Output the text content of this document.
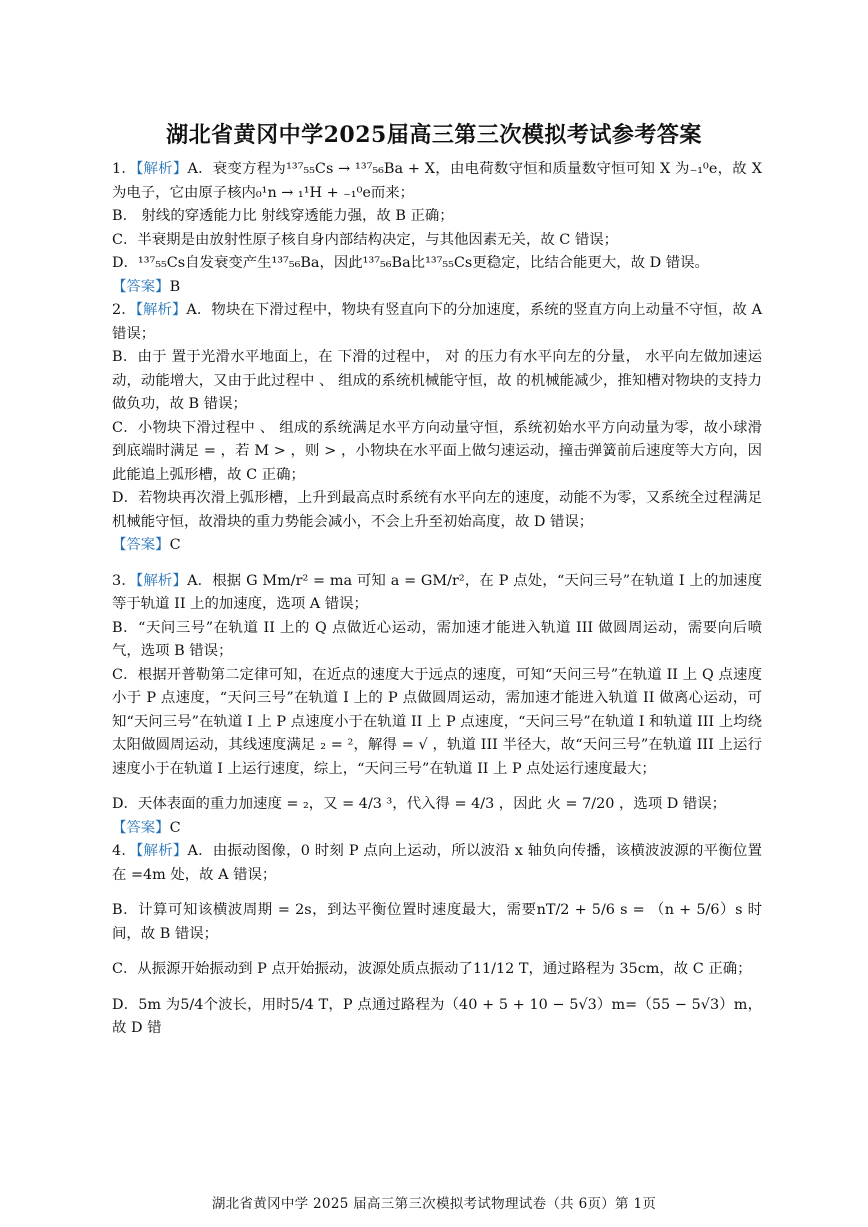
湖北省黄冈中学2025届高三第三次模拟考试参考答案

1．【解析】A．衰变方程为¹³⁷₅₅Cs → ¹³⁷₅₆Ba + X，由电荷数守恒和质量数守恒可知 X 为₋₁⁰e，故 X 为电子，它由原子核内₀¹n → ₁¹H + ₋₁⁰e而来；

B． 射线的穿透能力比 射线穿透能力强，故 B 正确；

C．半衰期是由放射性原子核自身内部结构决定，与其他因素无关，故 C 错误；

D．¹³⁷₅₅Cs自发衰变产生¹³⁷₅₆Ba，因此¹³⁷₅₆Ba比¹³⁷₅₅Cs更稳定，比结合能更大，故 D 错误。

【答案】B

2．【解析】A．物块在下滑过程中，物块有竖直向下的分加速度，系统的竖直方向上动量不守恒，故 A 错误；

B．由于 置于光滑水平地面上，在 下滑的过程中， 对 的压力有水平向左的分量， 水平向左做加速运动，动能增大，又由于此过程中 、 组成的系统机械能守恒，故 的机械能减少，推知槽对物块的支持力做负功，故 B 错误；

C．小物块下滑过程中 、 组成的系统满足水平方向动量守恒，系统初始水平方向动量为零，故小球滑到底端时满足 = ，若 M > ，则 > ，小物块在水平面上做匀速运动，撞击弹簧前后速度等大方向，因此能追上弧形槽，故 C 正确；

D．若物块再次滑上弧形槽，上升到最高点时系统有水平向左的速度，动能不为零，又系统全过程满足机械能守恒，故滑块的重力势能会减小，不会上升至初始高度，故 D 错误；

【答案】C

3．【解析】A．根据 G Mm/r² = ma 可知 a = GM/r²，在 P 点处，“天问三号”在轨道 I 上的加速度等于轨道 II 上的加速度，选项 A 错误；

B．“天问三号”在轨道 II 上的 Q 点做近心运动，需加速才能进入轨道 III 做圆周运动，需要向后喷气，选项 B 错误；

C．根据开普勒第二定律可知，在近点的速度大于远点的速度，可知“天问三号”在轨道 II 上 Q 点速度小于 P 点速度，“天问三号”在轨道 I 上的 P 点做圆周运动，需加速才能进入轨道 II 做离心运动，可知“天问三号”在轨道 I 上 P 点速度小于在轨道 II 上 P 点速度，“天问三号”在轨道 I 和轨道 III 上均绕太阳做圆周运动，其线速度满足 ₂ = ²，解得 = √ ，轨道 III 半径大，故“天问三号”在轨道 III 上运行速度小于在轨道 I 上运行速度，综上，“天问三号”在轨道 II 上 P 点处运行速度最大；

D．天体表面的重力加速度 = ₂，又 = 4/3 ³，代入得 = 4/3 ，因此 火 = 7/20 ，选项 D 错误；

【答案】C

4．【解析】A．由振动图像，0 时刻 P 点向上运动，所以波沿 x 轴负向传播，该横波波源的平衡位置在 =4m 处，故 A 错误；

B．计算可知该横波周期 = 2s，到达平衡位置时速度最大，需要nT/2 + 5/6 s = （n + 5/6）s 时间，故 B 错误；

C．从振源开始振动到 P 点开始振动，波源处质点振动了11/12 T，通过路程为 35cm，故 C 正确；

D．5m 为5/4个波长，用时5/4 T，P 点通过路程为（40 + 5 + 10 − 5√3）m=（55 − 5√3）m，故 D 错

湖北省黄冈中学 2025 届高三第三次模拟考试物理试卷（共 6页）第 1页
